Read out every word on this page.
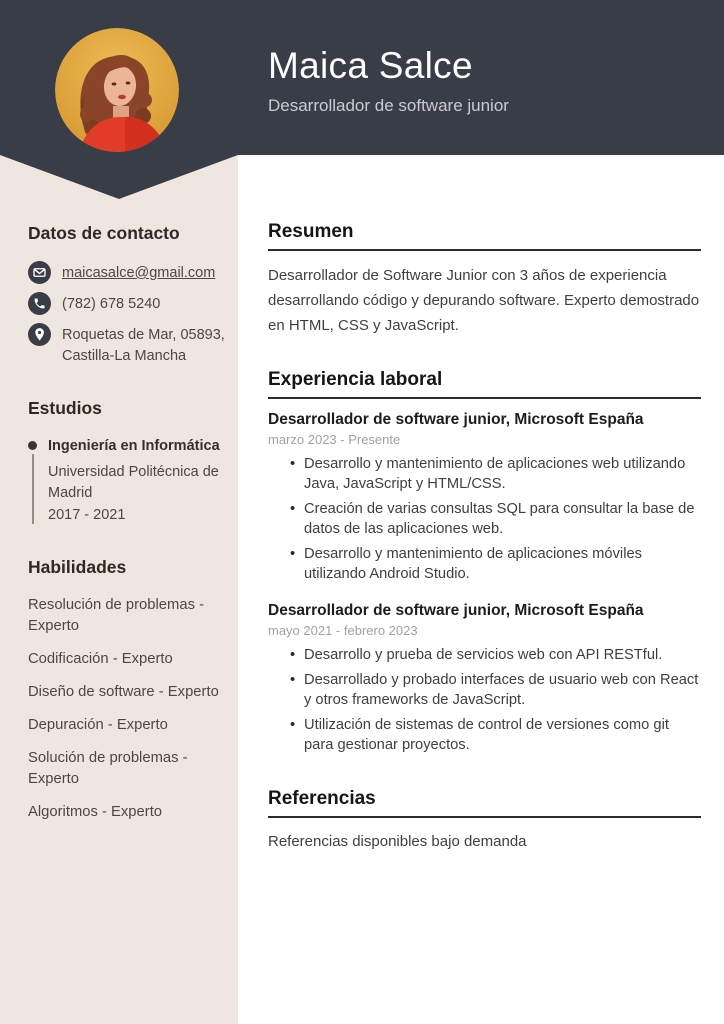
Maica Salce
Desarrollador de software junior
Datos de contacto
maicasalce@gmail.com
(782) 678 5240
Roquetas de Mar, 05893,
Castilla-La Mancha
Estudios
Ingeniería en Informática
Universidad Politécnica de Madrid
2017 - 2021
Habilidades
Resolución de problemas - Experto
Codificación - Experto
Diseño de software - Experto
Depuración - Experto
Solución de problemas - Experto
Algoritmos - Experto
Resumen

Desarrollador de Software Junior con 3 años de experiencia desarrollando código y depurando software. Experto demostrado en HTML, CSS y JavaScript.

Experiencia laboral
Desarrollador de software junior, Microsoft España
marzo 2023 - Presente
• Desarrollo y mantenimiento de aplicaciones web utilizando Java, JavaScript y HTML/CSS.
• Creación de varias consultas SQL para consultar la base de datos de las aplicaciones web.
• Desarrollo y mantenimiento de aplicaciones móviles utilizando Android Studio.
Desarrollador de software junior, Microsoft España
mayo 2021 - febrero 2023
• Desarrollo y prueba de servicios web con API RESTful.
• Desarrollado y probado interfaces de usuario web con React y otros frameworks de JavaScript.
• Utilización de sistemas de control de versiones como git para gestionar proyectos.
Referencias

Referencias disponibles bajo demanda
